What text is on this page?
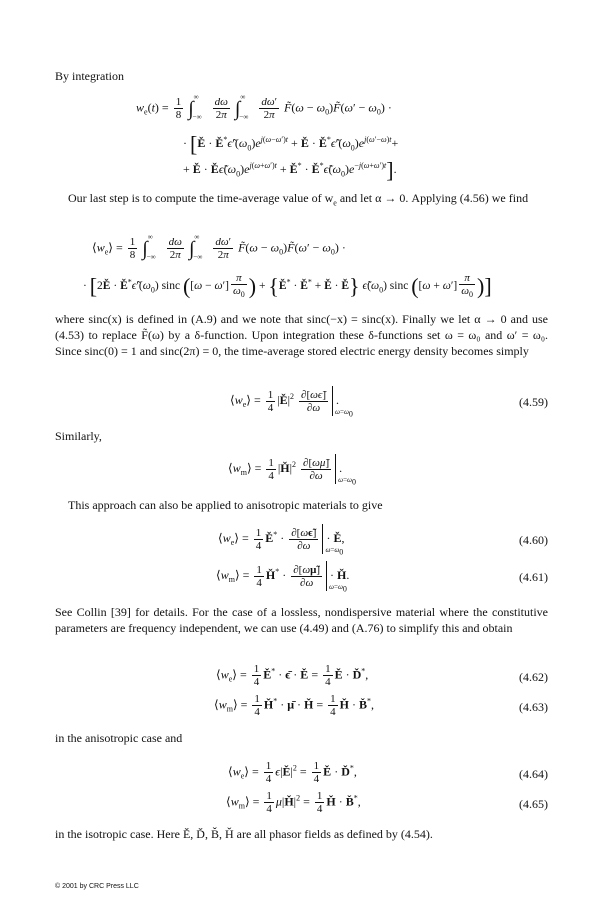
By integration
$w_e(t) = \frac{1}{8} \int^\infty_{-\infty} \frac{d\omega}{2\pi} \int^\infty_{-\infty} \frac{d\omega'}{2\pi}$ F̃(ω − $\omega_0)F̃(\omega' - \omega_0)$ ·
· [Ě · $Ě^*\epsiloñ'(\omega_0)e^{j(\omega-\omega')t}$ + Ě · $Ě^*\epsiloñ'(\omega_0)e^{j(\omega'-\omega)t}+$
+ Ě · $Ě\epsiloñ(\omega_0)e^{j(\omega+\omega')t}$ + Ě* · $Ě^*\epsiloñ(\omega_0)e^{-j(\omega+\omega')t}$].
Our last step is to compute the time-average value of $w_e$ and let α → 0. Applying (4.56) we find
$⟨w_e⟩ = \frac{1}{8} \int^\infty_{-\infty} \frac{d\omega}{2\pi} \int^\infty_{-\infty} \frac{d\omega'}{2\pi}$ F̃(ω − $\omega_0)F̃(\omega' - \omega_0)$ ·
· [2Ě · $Ě^*\epsiloñ'(\omega_0)$ sinc ($[\omega - \omega'] \frac{\pi}{\omega_0}$ ) + {Ě* · Ě* + Ě · Ě} $\epsiloñ(\omega_0)$ sinc ($[\omega + \omega'] \frac{\pi}{\omega_0}$ )]
where sinc(x) is defined in (A.9) and we note that sinc(−x) = sinc(x). Finally we let α → 0 and use (4.53) to replace F̃(ω) by a δ-function. Upon integration these δ-functions set ω = ω₀ and ω′ = ω₀. Since sinc(0) = 1 and sinc(2π) = 0, the time-average stored electric energy density becomes simply
$⟨w_e⟩ = \frac{1}{4}$ $|Ě|^2 \frac{\partial[\omega\epsiloñ]}{\partial\omega} \omega=\omega_0$
.	(4.59)
Similarly,
$⟨w_m⟩ = \frac{1}{4}$ $|Ȟ|^2 \frac{\partial[\omega\mũ]}{\partial\omega} \omega=\omega_0$
.
This approach can also be applied to anisotropic materials to give
$⟨w_e⟩ = \frac{1}{4}$ Ě* · $\frac{\partial[\omega\epsiloñ]}{\partial\omega} \omega=\omega_0$
· Ě,	(4.60)
$⟨w_m⟩ = \frac{1}{4}$ Ȟ* · $\frac{\partial[\omega\mũ]}{\partial\omega} \omega=\omega_0$
· Ȟ.	(4.61)
See Collin [39] for details. For the case of a lossless, nondispersive material where the constitutive parameters are frequency independent, we can use (4.49) and (A.76) to simplify this and obtain
$⟨w_e⟩ = \frac{1}{4}$ Ě* · ϵ̄ · Ě = $\frac{1}{4}$ Ě · Ď*,	(4.62)
$⟨w_m⟩ = \frac{1}{4}$ Ȟ* · μ̄ · Ȟ = $\frac{1}{4}$ Ȟ · B̌*,	(4.63)
in the anisotropic case and
$⟨w_e⟩ = \frac{1}{4}$ $\epsilon|Ě|^2 = \frac{1}{4}$ Ě · Ď*,	(4.64)
$⟨w_m⟩ = \frac{1}{4}$ $\mu|Ȟ|^2 = \frac{1}{4}$ Ȟ · B̌*,	(4.65)
in the isotropic case. Here Ě, Ď, B̌, Ȟ are all phasor fields as defined by (4.54).
© 2001 by CRC Press LLC
